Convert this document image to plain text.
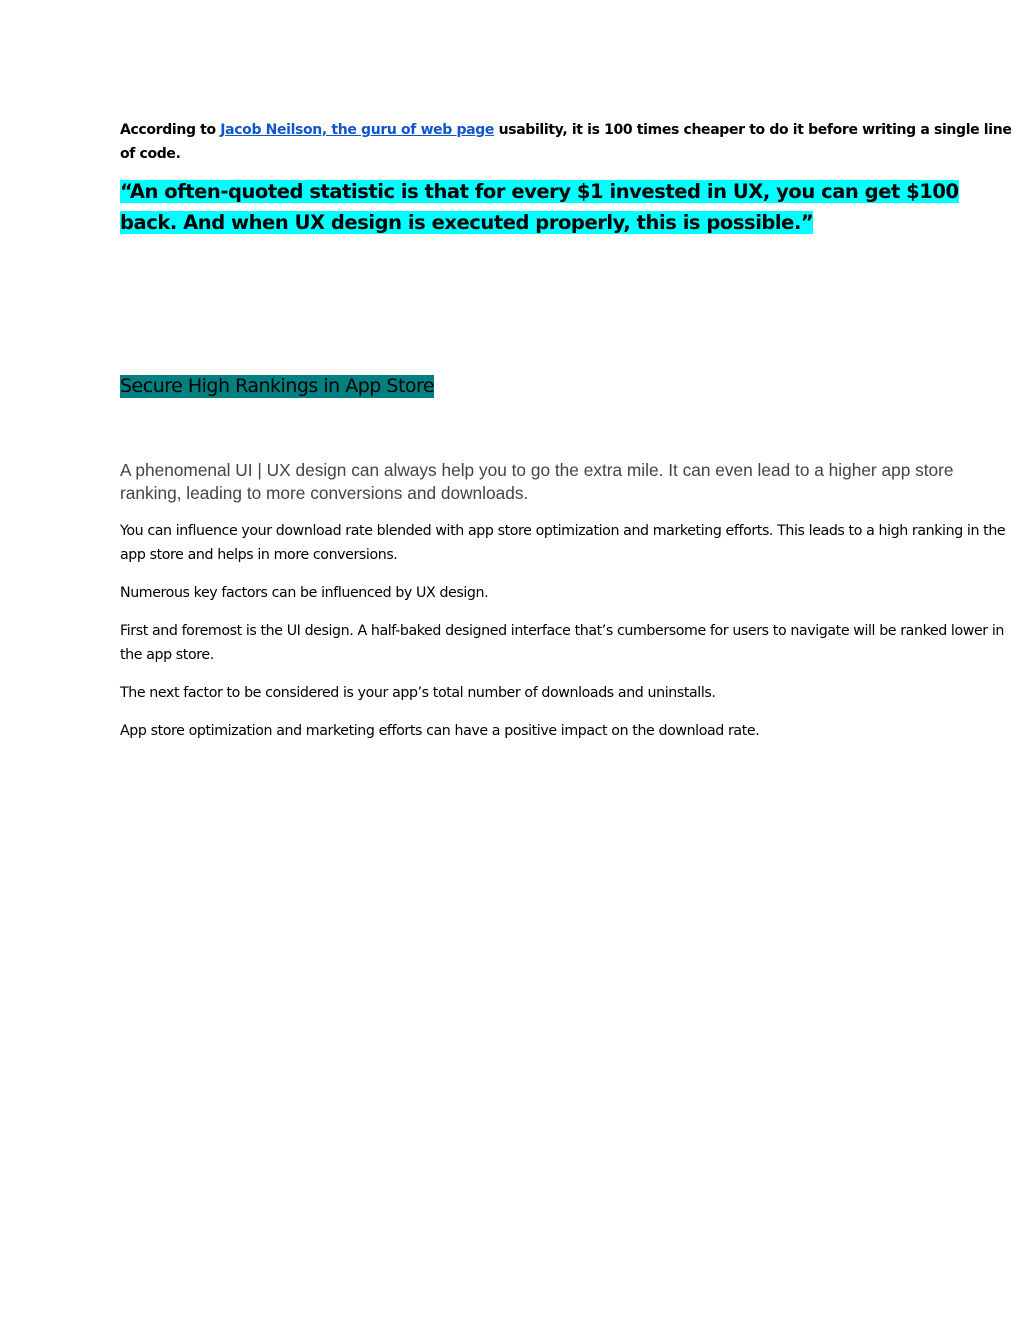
According to Jacob Neilson, the guru of web page usability, it is 100 times cheaper to do it before writing a single line of code.

“An often-quoted statistic is that for every $1 invested in UX, you can get $100 back. And when UX design is executed properly, this is possible.”

Secure High Rankings in App Store

A phenomenal UI | UX design can always help you to go the extra mile. It can even lead to a higher app store ranking, leading to more conversions and downloads.

You can influence your download rate blended with app store optimization and marketing efforts. This leads to a high ranking in the app store and helps in more conversions.

Numerous key factors can be influenced by UX design.

First and foremost is the UI design. A half-baked designed interface that’s cumbersome for users to navigate will be ranked lower in the app store.

The next factor to be considered is your app’s total number of downloads and uninstalls.

App store optimization and marketing efforts can have a positive impact on the download rate.
